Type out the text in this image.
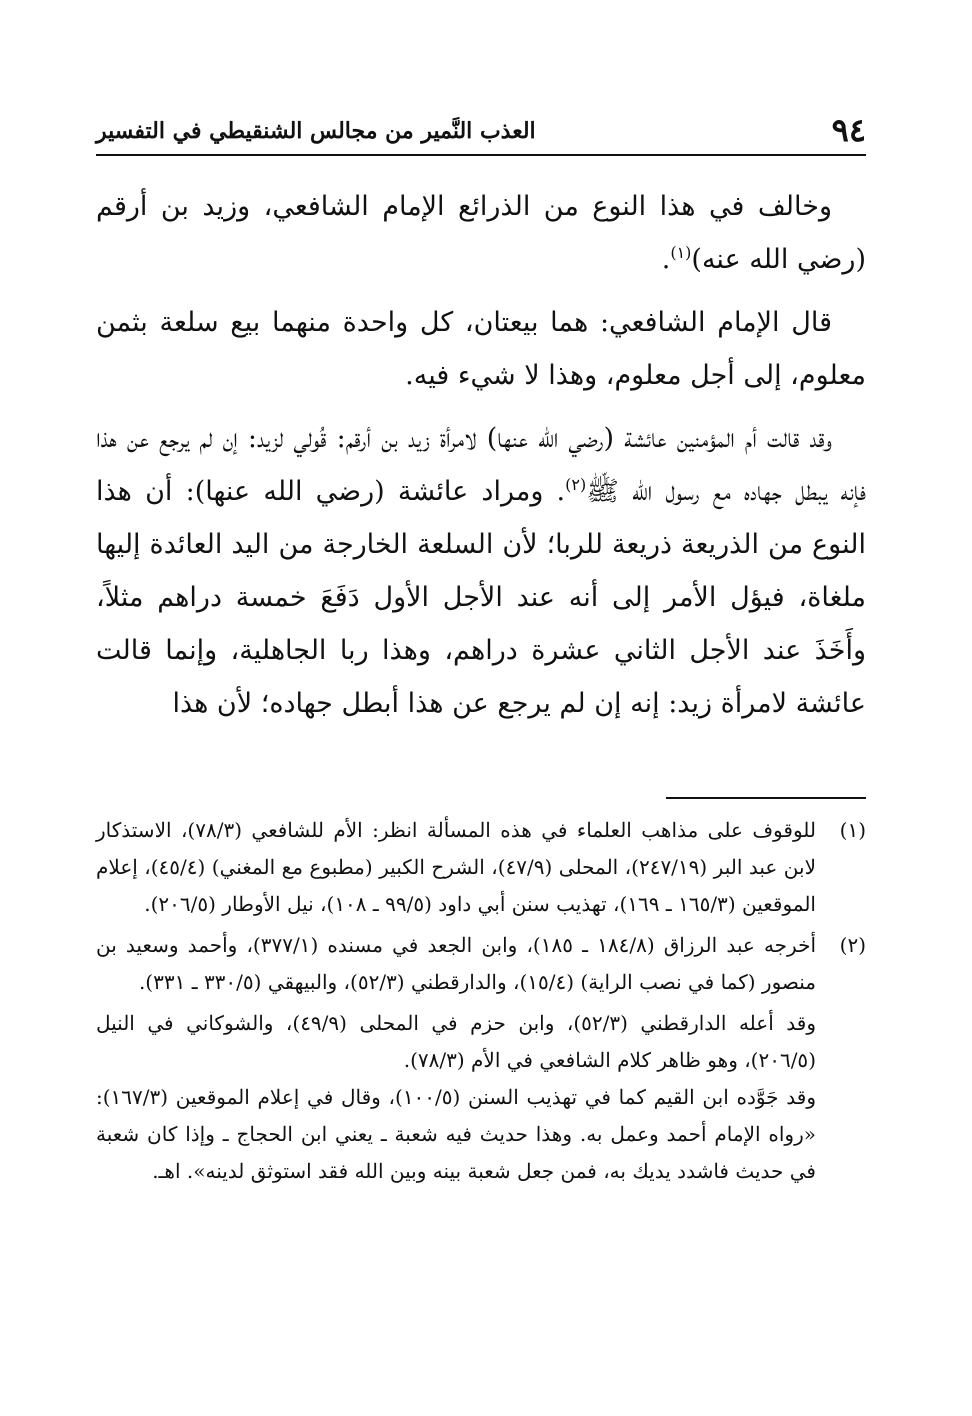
٩٤
العذب النَّمير من مجالس الشنقيطي في التفسير

وخالف في هذا النوع من الذرائع الإمام الشافعي، وزيد بن أرقم (رضي الله عنه)$^{(١)}$.

قال الإمام الشافعي: هما بيعتان، كل واحدة منهما بيع سلعة بثمن معلوم، إلى أجل معلوم، وهذا لا شيء فيه.

وقد قالت أم المؤمنين عائشة (رضي الله عنها) لامرأة زيد بن أرقم: قُولي لزيد: إن لم يرجع عن هذا فإنه يبطل جهاده مع رسول الله ﷺ$^{(٢)}$. ومراد عائشة (رضي الله عنها): أن هذا النوع من الذريعة ذريعة للربا؛ لأن السلعة الخارجة من اليد العائدة إليها ملغاة، فيؤل الأمر إلى أنه عند الأجل الأول دَفَعَ خمسة دراهم مثلاً، وأَخَذَ عند الأجل الثاني عشرة دراهم، وهذا ربا الجاهلية، وإنما قالت عائشة لامرأة زيد: إنه إن لم يرجع عن هذا أبطل جهاده؛ لأن هذا

(١)
للوقوف على مذاهب العلماء في هذه المسألة انظر: الأم للشافعي (٧٨/٣)، الاستذكار لابن عبد البر (٢٤٧/١٩)، المحلى (٤٧/٩)، الشرح الكبير (مطبوع مع المغني) (٤٥/٤)، إعلام الموقعين (١٦٥/٣ ـ ١٦٩)، تهذيب سنن أبي داود (٩٩/٥ ـ ١٠٨)، نيل الأوطار (٢٠٦/٥).

(٢)
أخرجه عبد الرزاق (١٨٤/٨ ـ ١٨٥)، وابن الجعد في مسنده (٣٧٧/١)، وأحمد وسعيد بن منصور (كما في نصب الراية) (١٥/٤)، والدارقطني (٥٢/٣)، والبيهقي (٣٣٠/٥ ـ ٣٣١).

وقد أعله الدارقطني (٥٢/٣)، وابن حزم في المحلى (٤٩/٩)، والشوكاني في النيل (٢٠٦/٥)، وهو ظاهر كلام الشافعي في الأم (٧٨/٣).

وقد جَوَّده ابن القيم كما في تهذيب السنن (١٠٠/٥)، وقال في إعلام الموقعين (١٦٧/٣): «رواه الإمام أحمد وعمل به. وهذا حديث فيه شعبة ـ يعني ابن الحجاج ـ وإذا كان شعبة في حديث فاشدد يديك به، فمن جعل شعبة بينه وبين الله فقد استوثق لدينه». اهـ.
